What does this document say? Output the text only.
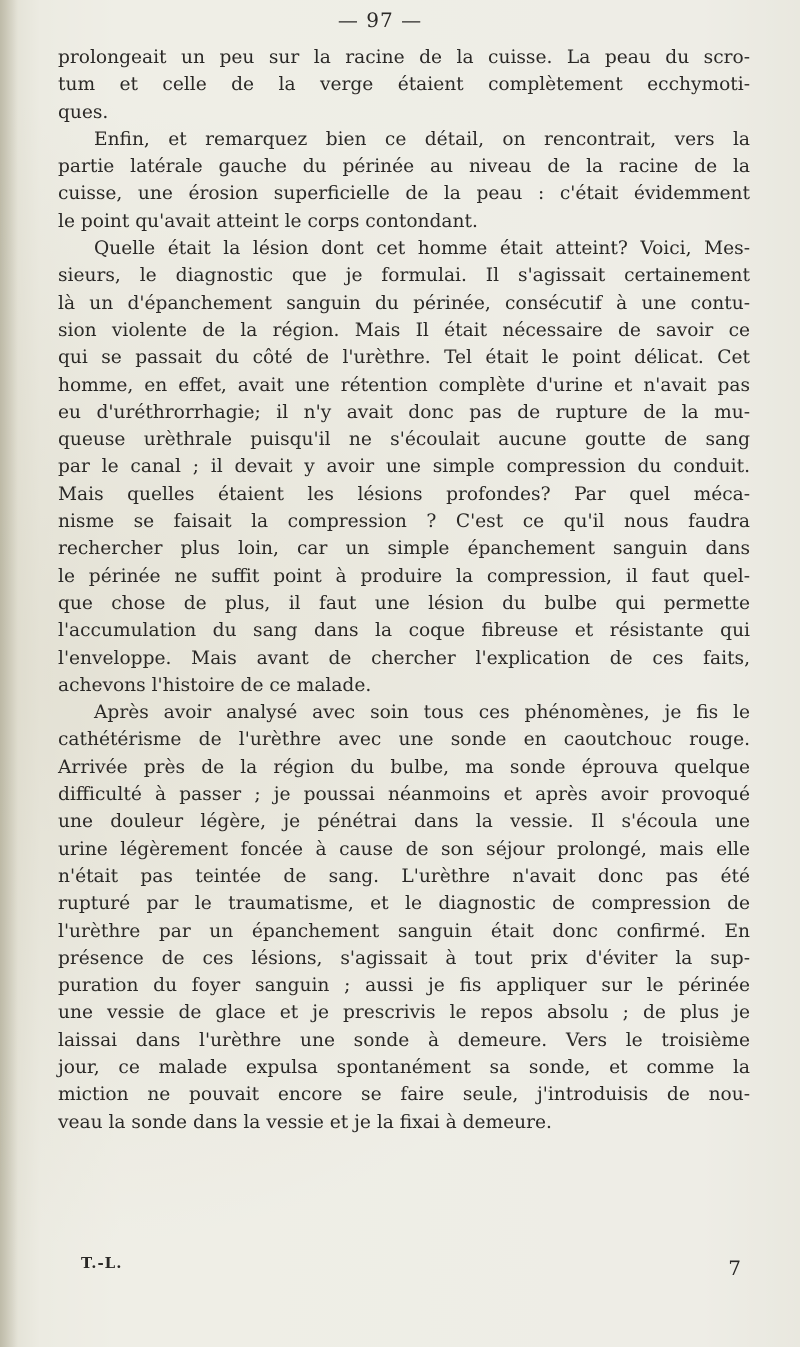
— 97 —
prolongeait un peu sur la racine de la cuisse. La peau du scro-
tum et celle de la verge étaient complètement ecchymoti-
ques.
Enfin, et remarquez bien ce détail, on rencontrait, vers la
partie latérale gauche du périnée au niveau de la racine de la
cuisse, une érosion superficielle de la peau : c'était évidemment
le point qu'avait atteint le corps contondant.
Quelle était la lésion dont cet homme était atteint? Voici, Mes-
sieurs, le diagnostic que je formulai. Il s'agissait certainement
là un d'épanchement sanguin du périnée, consécutif à une contu-
sion violente de la région. Mais Il était nécessaire de savoir ce
qui se passait du côté de l'urèthre. Tel était le point délicat. Cet
homme, en effet, avait une rétention complète d'urine et n'avait pas
eu d'uréthrorrhagie; il n'y avait donc pas de rupture de la mu-
queuse urèthrale puisqu'il ne s'écoulait aucune goutte de sang
par le canal ; il devait y avoir une simple compression du conduit.
Mais quelles étaient les lésions profondes? Par quel méca-
nisme se faisait la compression ? C'est ce qu'il nous faudra
rechercher plus loin, car un simple épanchement sanguin dans
le périnée ne suffit point à produire la compression, il faut quel-
que chose de plus, il faut une lésion du bulbe qui permette
l'accumulation du sang dans la coque fibreuse et résistante qui
l'enveloppe. Mais avant de chercher l'explication de ces faits,
achevons l'histoire de ce malade.
Après avoir analysé avec soin tous ces phénomènes, je fis le
cathétérisme de l'urèthre avec une sonde en caoutchouc rouge.
Arrivée près de la région du bulbe, ma sonde éprouva quelque
difficulté à passer ; je poussai néanmoins et après avoir provoqué
une douleur légère, je pénétrai dans la vessie. Il s'écoula une
urine légèrement foncée à cause de son séjour prolongé, mais elle
n'était pas teintée de sang. L'urèthre n'avait donc pas été
rupturé par le traumatisme, et le diagnostic de compression de
l'urèthre par un épanchement sanguin était donc confirmé. En
présence de ces lésions, s'agissait à tout prix d'éviter la sup-
puration du foyer sanguin ; aussi je fis appliquer sur le périnée
une vessie de glace et je prescrivis le repos absolu ; de plus je
laissai dans l'urèthre une sonde à demeure. Vers le troisième
jour, ce malade expulsa spontanément sa sonde, et comme la
miction ne pouvait encore se faire seule, j'introduisis de nou-
veau la sonde dans la vessie et je la fixai à demeure.
T.-L.	7
